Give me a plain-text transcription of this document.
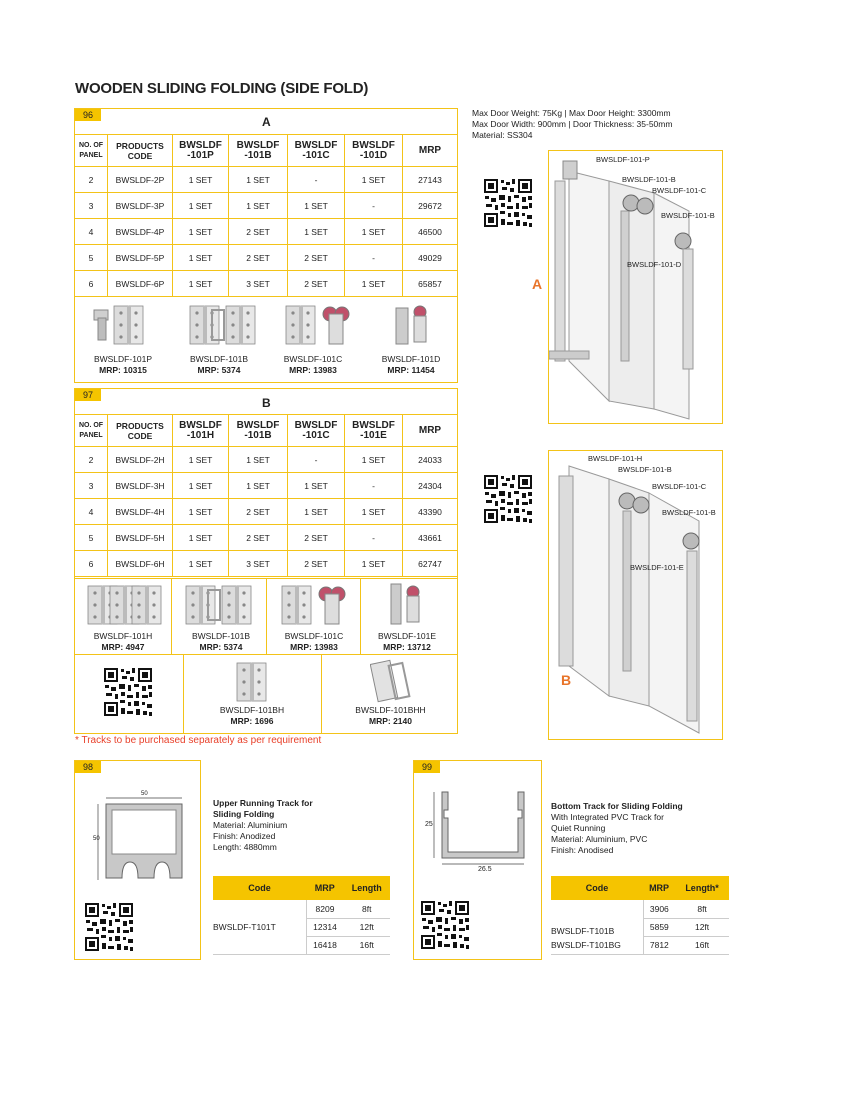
WOODEN SLIDING FOLDING (SIDE FOLD)
96	A
NO. OF PANEL	PRODUCTS CODE	BWSLDF -101P	BWSLDF -101B	BWSLDF -101C	BWSLDF -101D	MRP
2	BWSLDF-2P	1 SET	1 SET	-	1 SET	27143
3	BWSLDF-3P	1 SET	1 SET	1 SET	-	29672
4	BWSLDF-4P	1 SET	2 SET	1 SET	1 SET	46500
5	BWSLDF-5P	1 SET	2 SET	2 SET	-	49029
6	BWSLDF-6P	1 SET	3 SET	2 SET	1 SET	65857
BWSLDF-101P
MRP: 10315
BWSLDF-101B
MRP: 5374
BWSLDF-101C
MRP: 13983
BWSLDF-101D
MRP: 11454
97
B
NO. OF PANEL	PRODUCTS CODE	BWSLDF -101H	BWSLDF -101B	BWSLDF -101C	BWSLDF -101E	MRP
2	BWSLDF-2H	1 SET	1 SET	-	1 SET	24033
3	BWSLDF-3H	1 SET	1 SET	1 SET	-	24304
4	BWSLDF-4H	1 SET	2 SET	1 SET	1 SET	43390
5	BWSLDF-5H	1 SET	2 SET	2 SET	-	43661
6	BWSLDF-6H	1 SET	3 SET	2 SET	1 SET	62747
BWSLDF-101H
MRP: 4947
BWSLDF-101B
MRP: 5374
BWSLDF-101C
MRP: 13983
BWSLDF-101E
MRP: 13712
BWSLDF-101BH
MRP: 1696
BWSLDF-101BHH
MRP: 2140
* Tracks to be purchased separately as per requirement
Max Door Weight: 75Kg | Max Door Height: 3300mm
Max Door Width: 900mm | Door Thickness: 35-50mm
Material: SS304
A
BWSLDF-101-P
BWSLDF-101-B
BWSLDF-101-C
BWSLDF-101-B
BWSLDF-101-D
B
BWSLDF-101-H
BWSLDF-101-B
BWSLDF-101-C
BWSLDF-101-B
BWSLDF-101-E
98
50
50
Upper Running Track for Sliding Folding
Material: Aluminium
Finish: Anodized
Length: 4880mm
Code	MRP	Length
BWSLDF-T101T	8209	8ft
	12314	12ft
	16418	16ft
99
25
26.5
Bottom Track for Sliding Folding
With Integrated PVC Track for
Quiet Running
Material: Aluminium, PVC
Finish: Anodised
Code	MRP	Length*
BWSLDF-T101B	3906	8ft
	5859	12ft
BWSLDF-T101BG	7812	16ft
